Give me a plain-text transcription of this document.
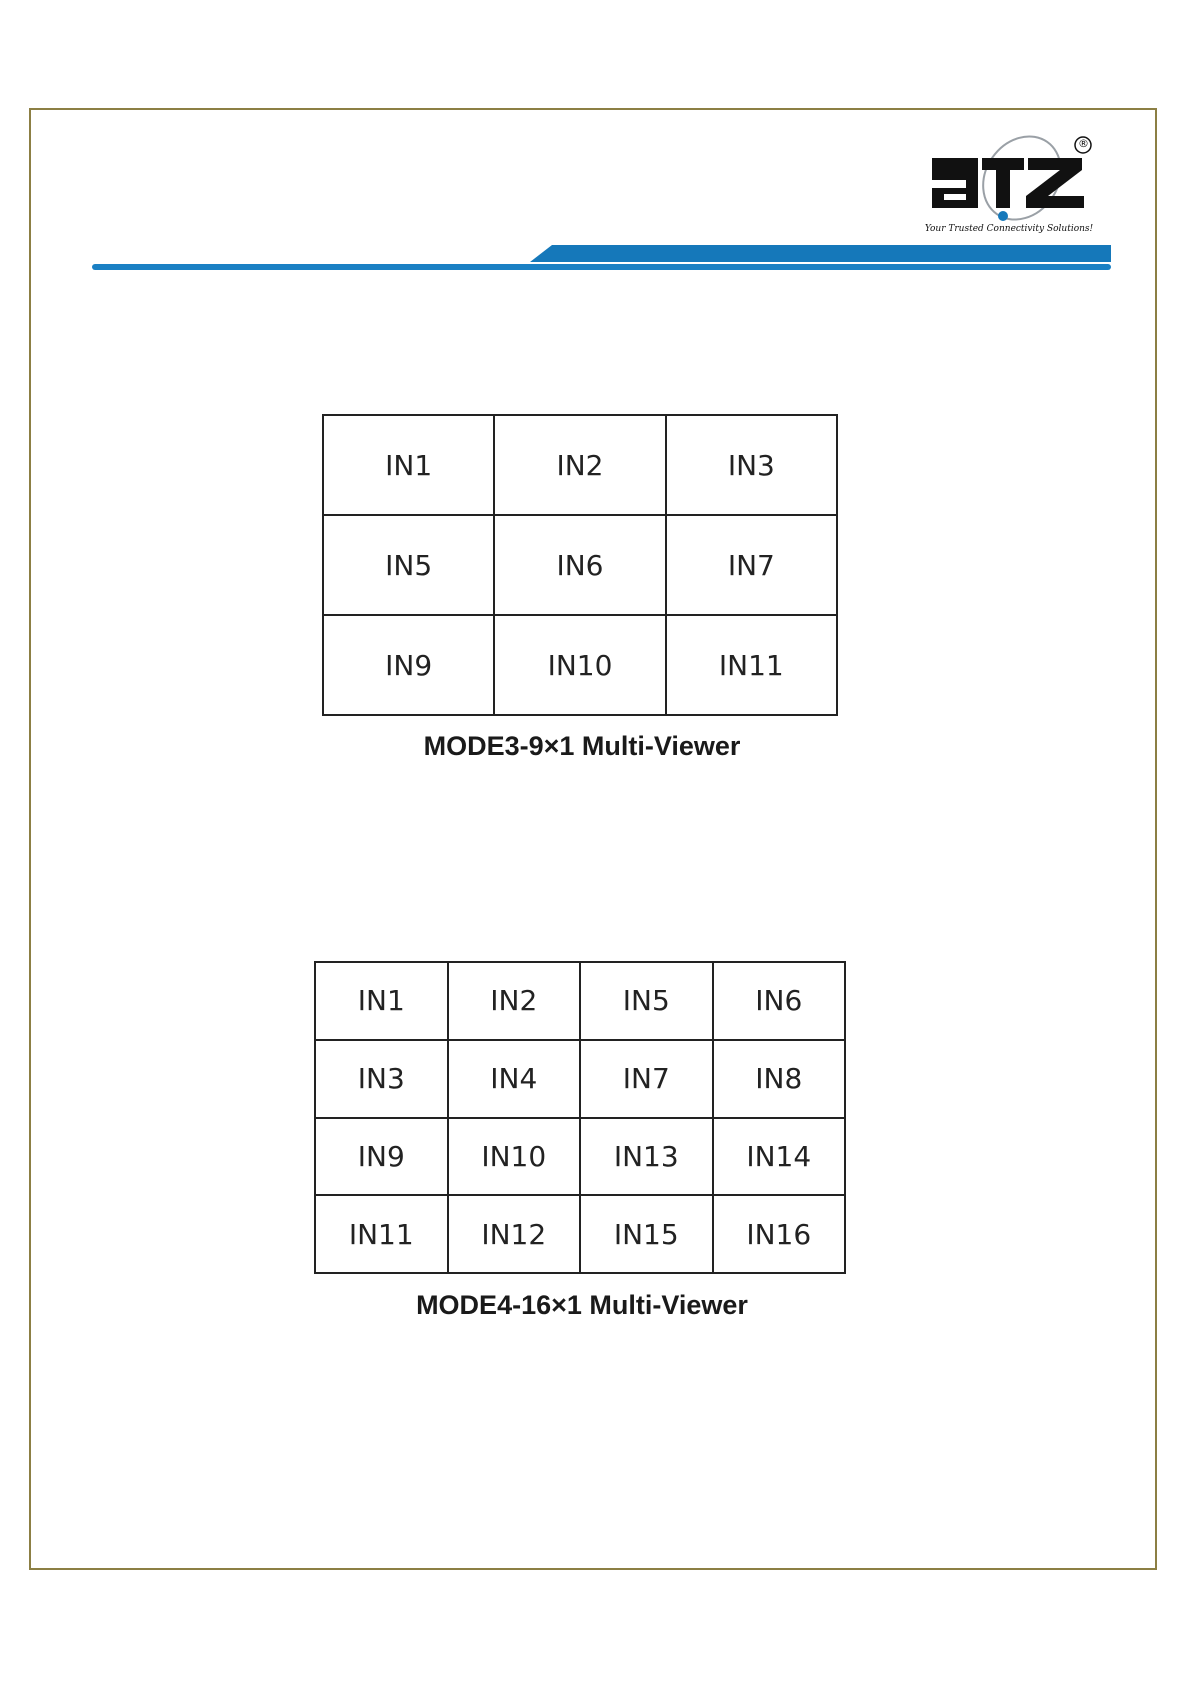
®
Your Trusted Connectivity Solutions!
IN1	IN2	IN3
IN5	IN6	IN7
IN9	IN10	IN11
MODE3-9×1 Multi-Viewer
IN1	IN2	IN5	IN6
IN3	IN4	IN7	IN8
IN9	IN10	IN13	IN14
IN11	IN12	IN15	IN16
MODE4-16×1 Multi-Viewer
